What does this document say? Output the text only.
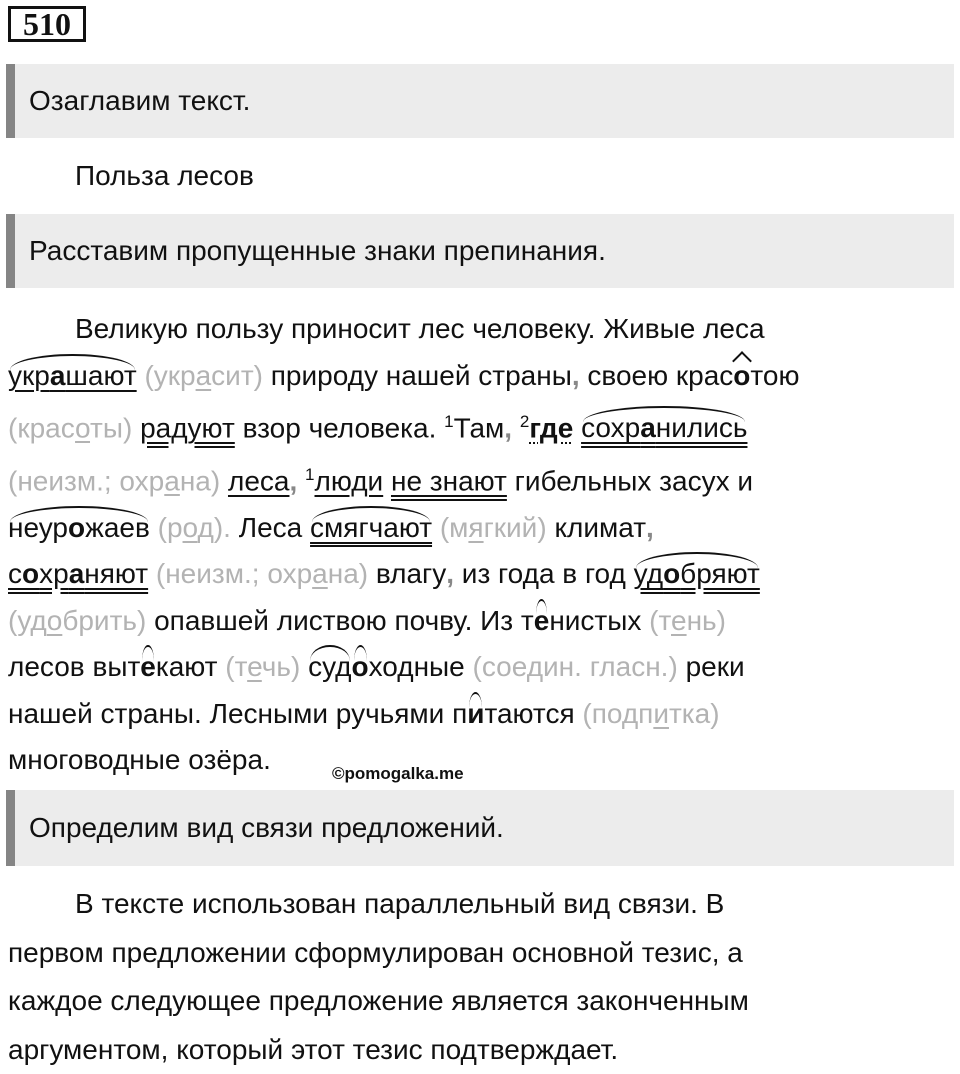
510
Озаглавим текст.
Польза лесов
Расставим пропущенные знаки препинания.
Великую пользу приносит лес человеку. Живые леса
украшают (украсит) природу нашей страны, своею красотою
(красоты) радуют взор человека. $^1$Там, $^2$где сохранились
(неизм.; охрана) леса, $^1$люди не знают гибельных засух и
неурожаев (род). Леса смягчают (мягкий) климат,
сохраняют (неизм.; охрана) влагу, из года в год удобряют
(удобрить) опавшей листвою почву. Из тенистых (тень)
лесов вытекают (течь) судоходные (соедин. гласн.) реки
нашей страны. Лесными ручьями питаются (подпитка)
многоводные озёра.	©pomogalka.me
Определим вид связи предложений.
В тексте использован параллельный вид связи. В
первом предложении сформулирован основной тезис, а
каждое следующее предложение является законченным
аргументом, который этот тезис подтверждает.
